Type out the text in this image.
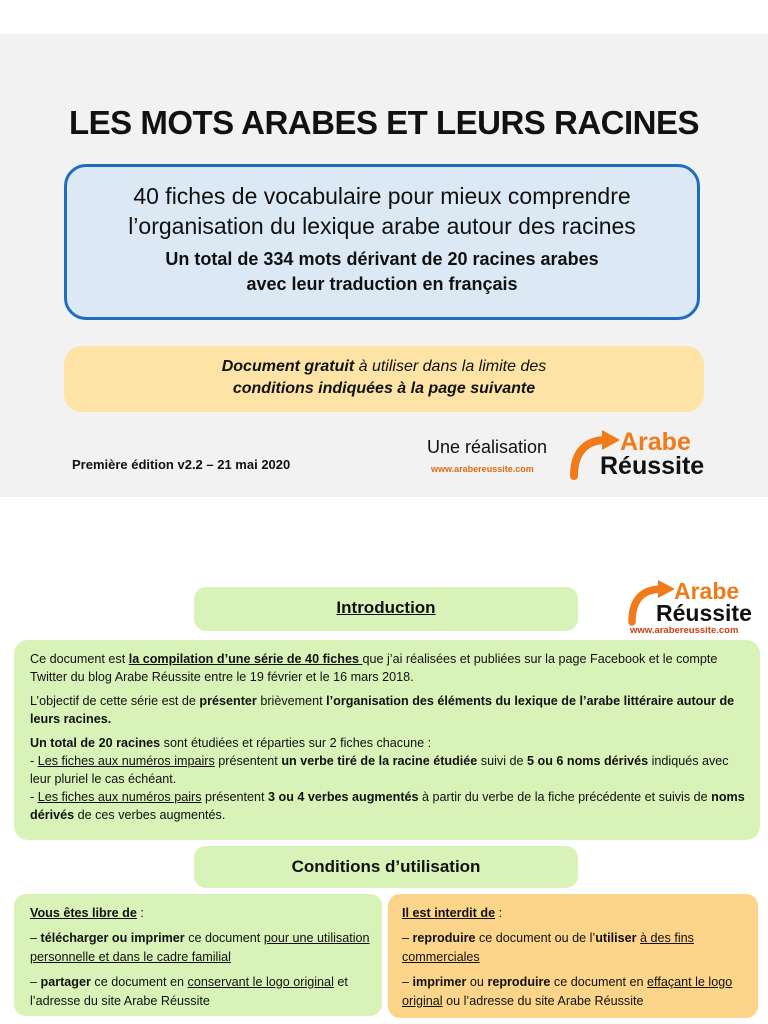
LES MOTS ARABES ET LEURS RACINES
40 fiches de vocabulaire pour mieux comprendre
l’organisation du lexique arabe autour des racines
Un total de 334 mots dérivant de 20 racines arabes
avec leur traduction en français
Document gratuit à utiliser dans la limite des
conditions indiquées à la page suivante
Première édition v2.2 – 21 mai 2020
Une réalisation
www.arabereussite.com
Arabe
Réussite
Introduction
Arabe
Réussite
www.arabereussite.com

Ce document est la compilation d’une série de 40 fiches que j’ai réalisées et publiées sur la page Facebook et le compte Twitter du blog Arabe Réussite entre le 19 février et le 16 mars 2018.

L’objectif de cette série est de présenter brièvement l’organisation des éléments du lexique de l’arabe littéraire autour de leurs racines.

Un total de 20 racines sont étudiées et réparties sur 2 fiches chacune :

- Les fiches aux numéros impairs présentent un verbe tiré de la racine étudiée suivi de 5 ou 6 noms dérivés indiqués avec leur pluriel le cas échéant.

- Les fiches aux numéros pairs présentent 3 ou 4 verbes augmentés à partir du verbe de la fiche précédente et suivis de noms dérivés de ces verbes augmentés.

Conditions d’utilisation

Vous êtes libre de :

– télécharger ou imprimer ce document pour une utilisation personnelle et dans le cadre familial

– partager ce document en conservant le logo original et l’adresse du site Arabe Réussite

Il est interdit de :

– reproduire ce document ou de l’utiliser à des fins commerciales

– imprimer ou reproduire ce document en effaçant le logo original ou l’adresse du site Arabe Réussite
